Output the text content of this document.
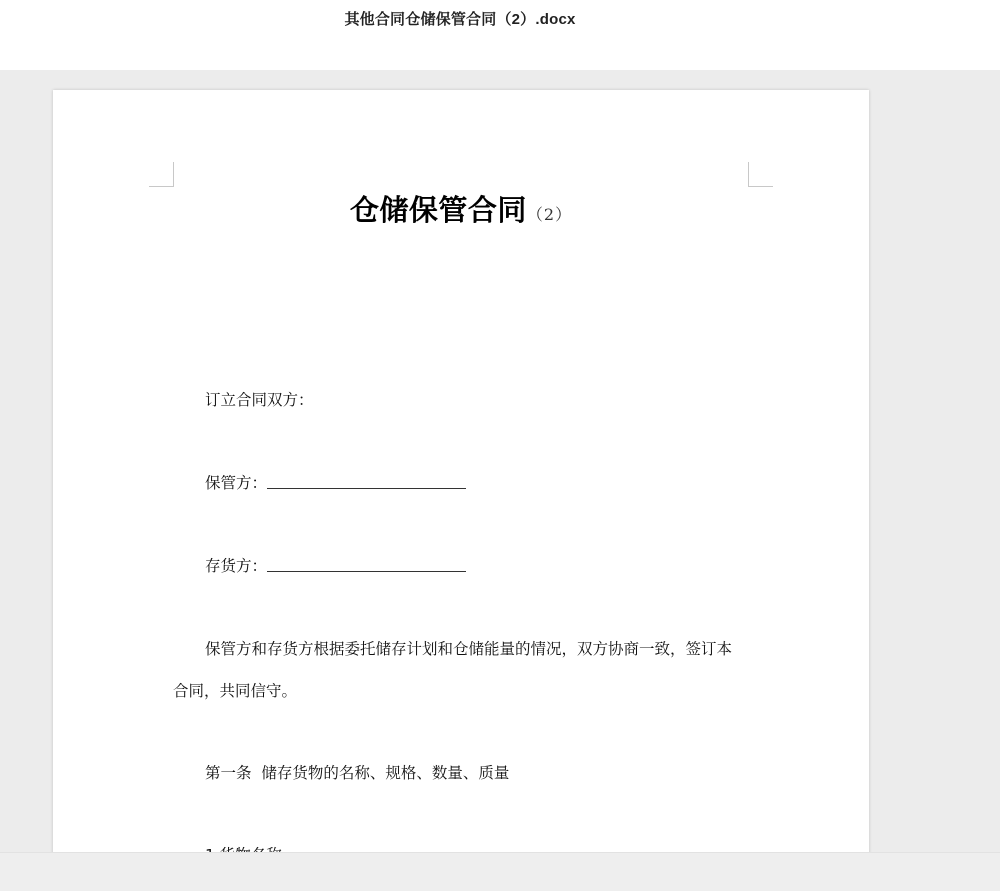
其他合同仓储保管合同（2）.docx
仓储保管合同（2）
订立合同双方：
保管方：
存货方：
保管方和存货方根据委托储存计划和仓储能量的情况，双方协商一致，签订本
合同，共同信守。
第一条  储存货物的名称、规格、数量、质量
